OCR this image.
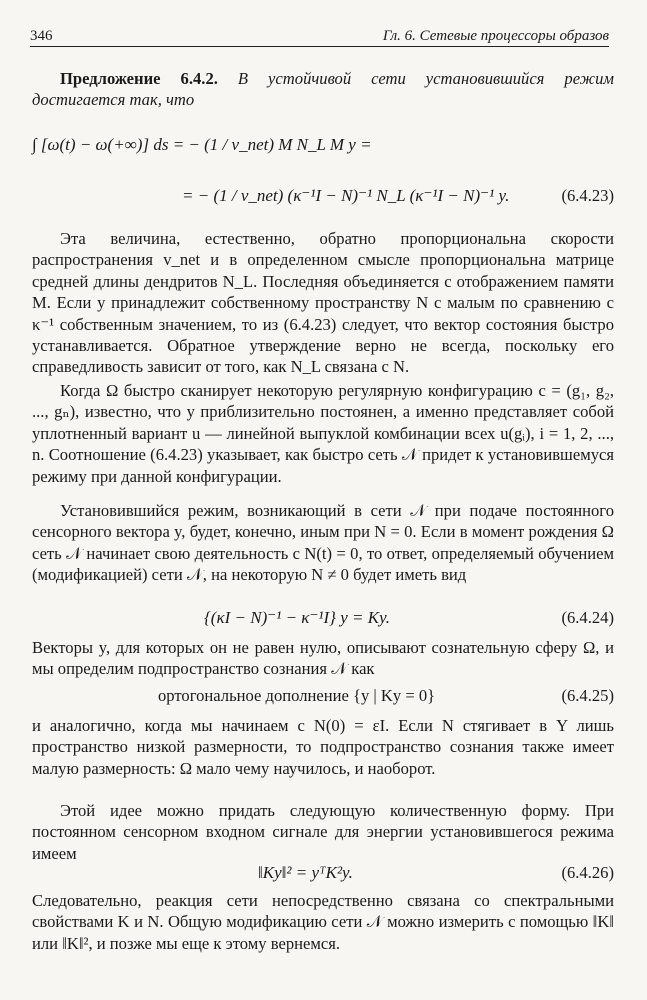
346	Гл. 6. Сетевые процессоры образов

Предложение 6.4.2. В устойчивой сети установившийся режим достигается так, что

∫ [ω(t) − ω(+∞)] ds = − (1 / v_net) M N_L M y =
= − (1 / v_net) (κ⁻¹I − N)⁻¹ N_L (κ⁻¹I − N)⁻¹ y.	(6.4.23)

Эта величина, естественно, обратно пропорциональна скорости распространения v_net и в определенном смысле пропорциональна матрице средней длины дендритов N_L. Последняя объединяется с отображением памяти M. Если y принадлежит собственному пространству N с малым по сравнению с κ⁻¹ собственным значением, то из (6.4.23) следует, что вектор состояния быстро устанавливается. Обратное утверждение верно не всегда, поскольку его справедливость зависит от того, как N_L связана с N.

Когда Ω быстро сканирует некоторую регулярную конфигурацию c = (g₁, g₂, ..., gₙ), известно, что y приблизительно постоянен, а именно представляет собой уплотненный вариант u — линейной выпуклой комбинации всех u(gᵢ), i = 1, 2, ..., n. Соотношение (6.4.23) указывает, как быстро сеть 𝒩 придет к установившемуся режиму при данной конфигурации.

Установившийся режим, возникающий в сети 𝒩 при подаче постоянного сенсорного вектора y, будет, конечно, иным при N = 0. Если в момент рождения Ω сеть 𝒩 начинает свою деятельность с N(t) = 0, то ответ, определяемый обучением (модификацией) сети 𝒩, на некоторую N ≠ 0 будет иметь вид

{(κI − N)⁻¹ − κ⁻¹I} y = Ky.	(6.4.24)

Векторы y, для которых он не равен нулю, описывают сознательную сферу Ω, и мы определим подпространство сознания 𝒩 как

ортогональное дополнение {y | Ky = 0}	(6.4.25)

и аналогично, когда мы начинаем с N(0) = εI. Если N стягивает в Y лишь пространство низкой размерности, то подпространство сознания также имеет малую размерность: Ω мало чему научилось, и наоборот.

Этой идее можно придать следующую количественную форму. При постоянном сенсорном входном сигнале для энергии установившегося режима имеем

‖Ky‖² = yᵀK²y.	(6.4.26)

Следовательно, реакция сети непосредственно связана со спектральными свойствами K и N. Общую модификацию сети 𝒩 можно измерить с помощью ‖K‖ или ‖K‖², и позже мы еще к этому вернемся.
